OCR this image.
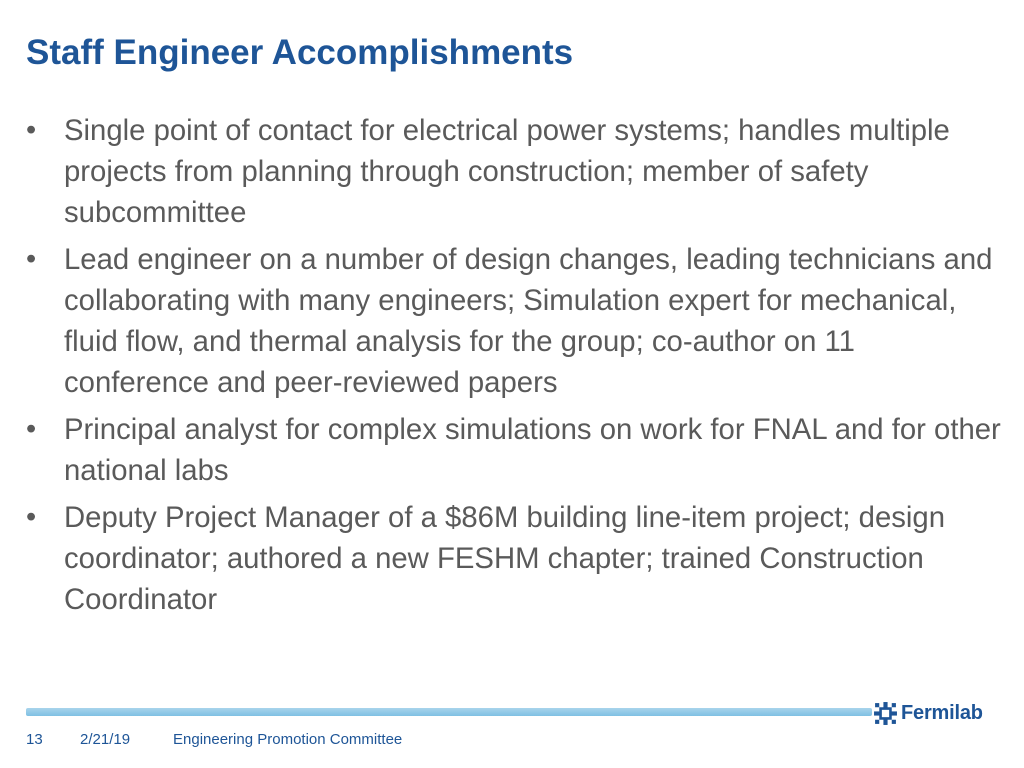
Staff Engineer Accomplishments
• Single point of contact for electrical power systems; handles multiple projects from planning through construction; member of safety subcommittee
• Lead engineer on a number of design changes, leading technicians and collaborating with many engineers; Simulation expert for mechanical, fluid flow, and thermal analysis for the group; co-author on 11 conference and peer-reviewed papers
• Principal analyst for complex simulations on work for FNAL and for other national labs
• Deputy Project Manager of a $86M building line-item project; design coordinator; authored a new FESHM chapter; trained Construction Coordinator
Fermilab
13 2/21/19	Engineering Promotion Committee
